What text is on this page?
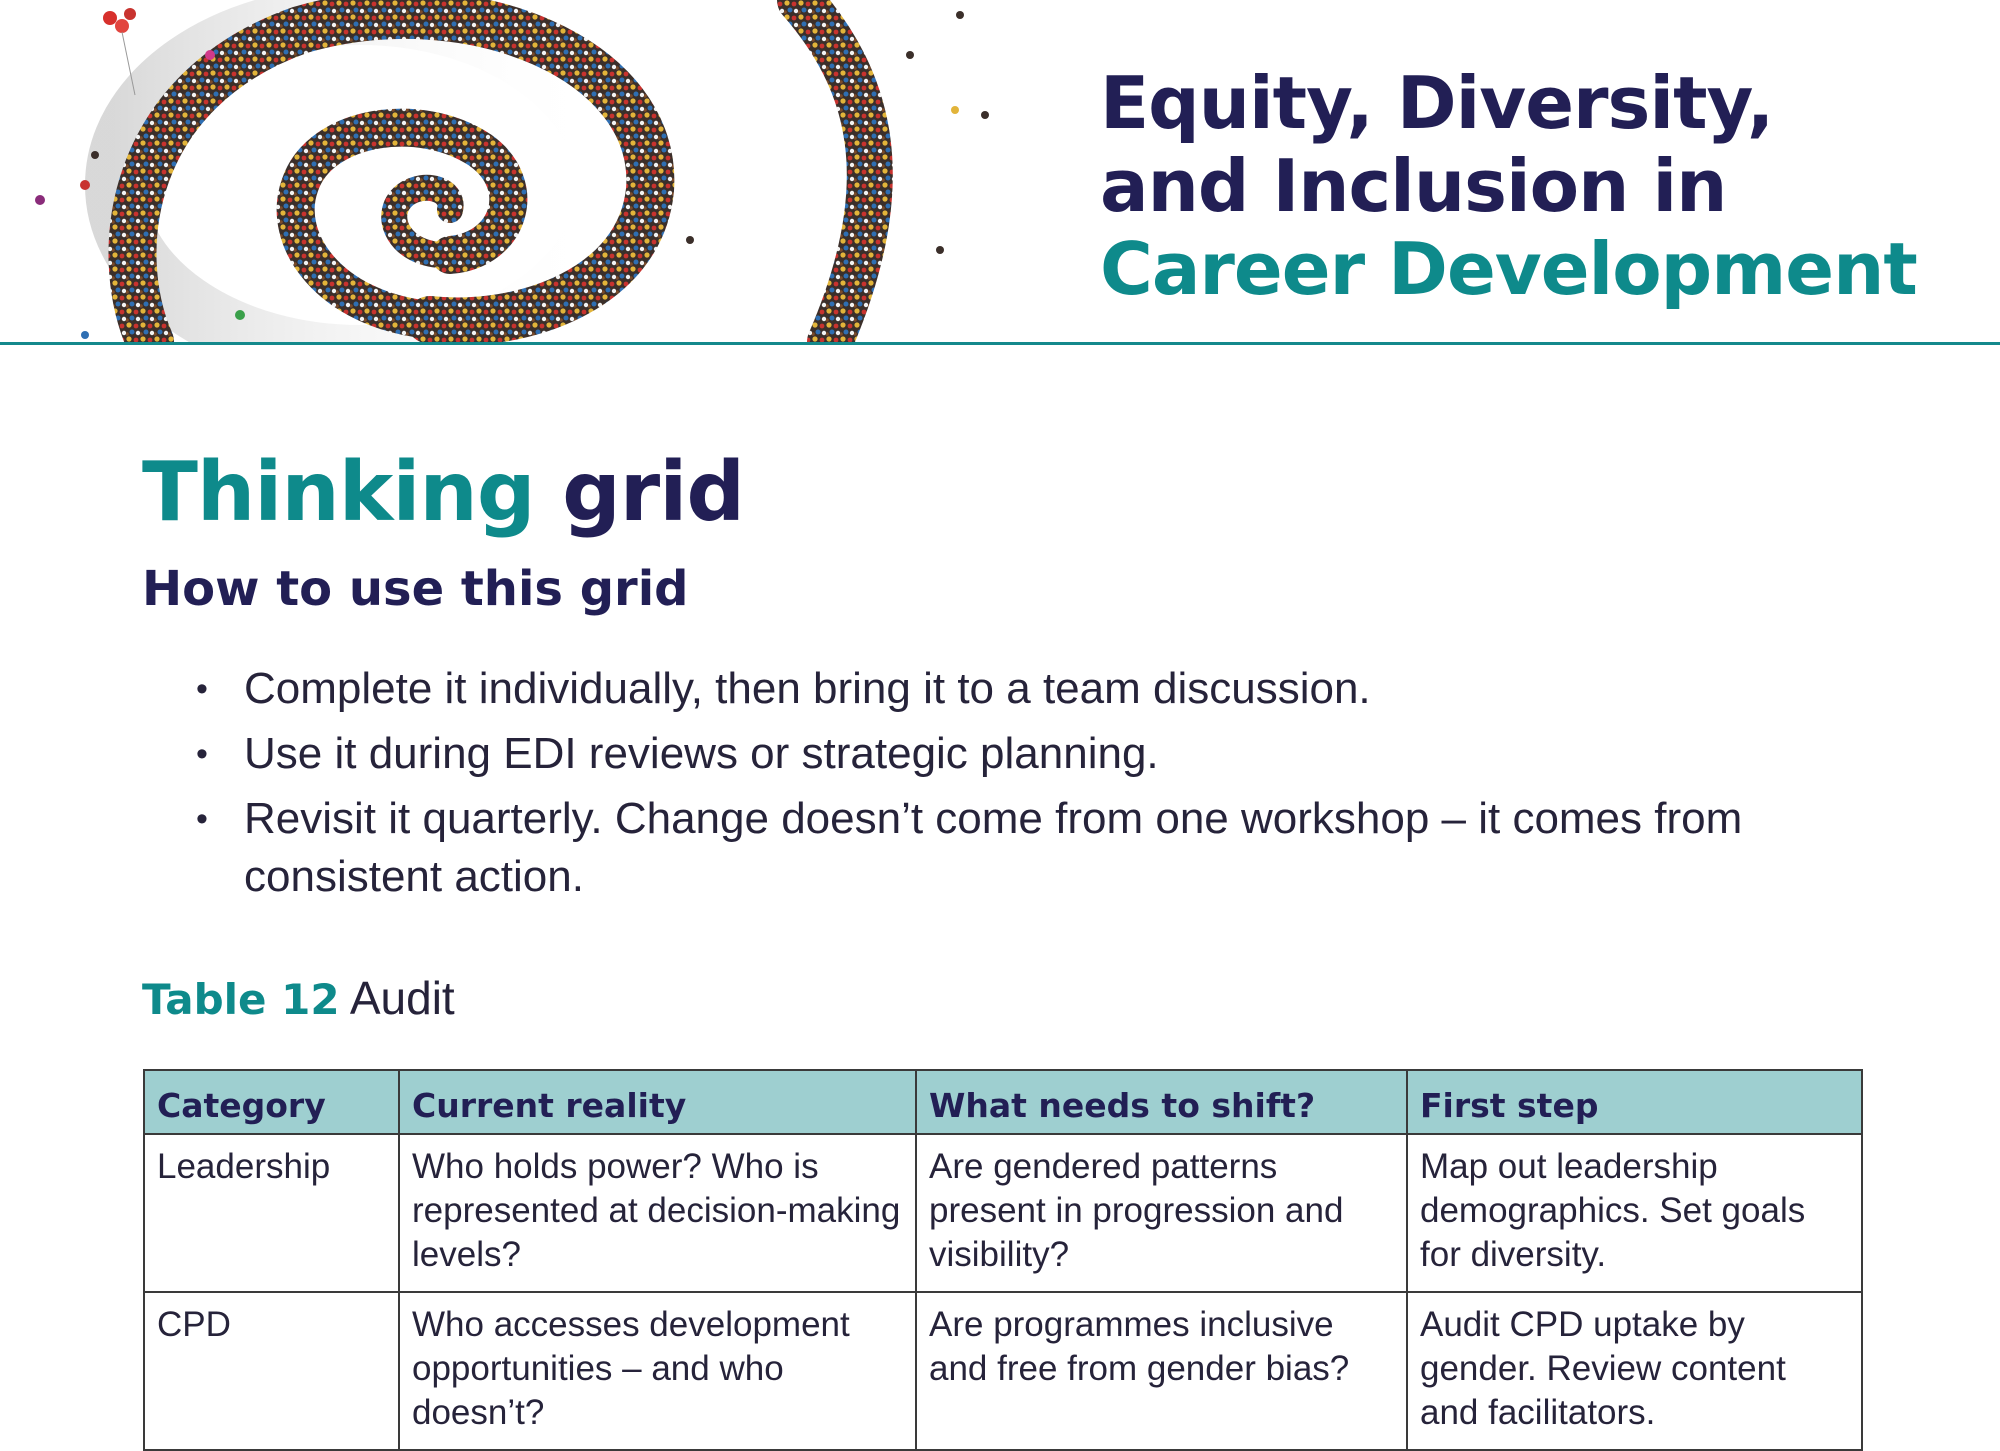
Equity, Diversity,
and Inclusion in
Career Development
Thinking grid
How to use this grid
• Complete it individually, then bring it to a team discussion.
• Use it during EDI reviews or strategic planning.
• Revisit it quarterly. Change doesn’t come from one workshop – it comes from consistent action.

Table 12 Audit

Category	Current reality	What needs to shift?	First step
Leadership	Who holds power? Who is represented at decision-making levels?	Are gendered patterns present in progression and visibility?	Map out leadership demographics. Set goals for diversity.
CPD	Who accesses development opportunities – and who doesn’t?	Are programmes inclusive and free from gender bias?	Audit CPD uptake by gender. Review content and facilitators.
